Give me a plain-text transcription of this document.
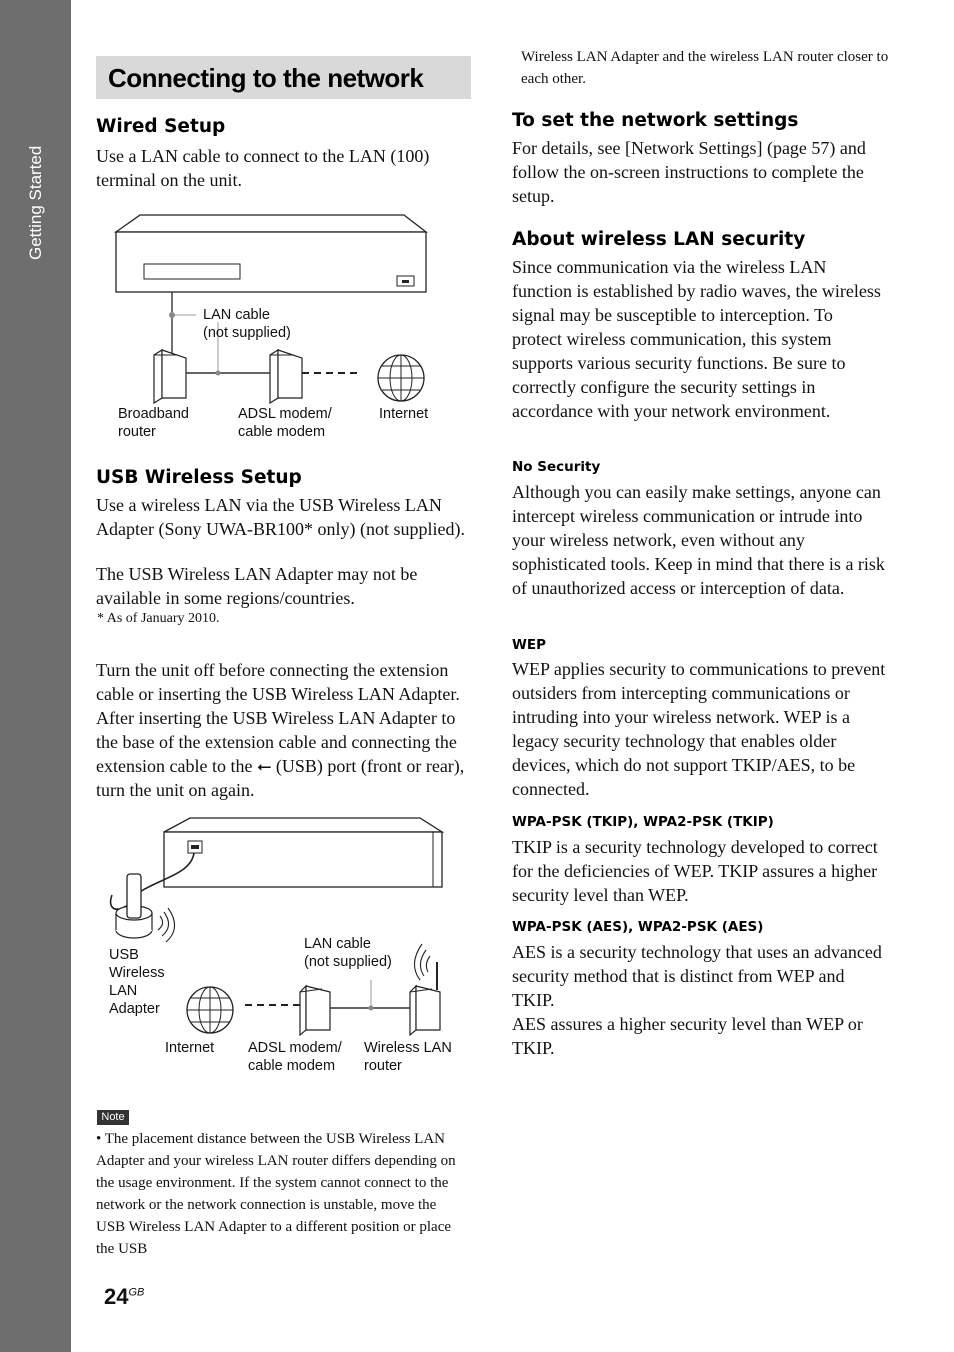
Getting Started
Connecting to the network
Wired Setup
Use a LAN cable to connect to the LAN (100) terminal on the unit.
LAN cable
(not supplied)
Broadband
router
ADSL modem/
cable modem
Internet
USB Wireless Setup
Use a wireless LAN via the USB Wireless LAN Adapter (Sony UWA-BR100* only) (not supplied).
The USB Wireless LAN Adapter may not be available in some regions/countries.
* As of January 2010.
Turn the unit off before connecting the extension cable or inserting the USB Wireless LAN Adapter. After inserting the USB Wireless LAN Adapter to the base of the extension cable and connecting the extension cable to the ⭠ (USB) port (front or rear), turn the unit on again.
USB
Wireless
LAN
Adapter
LAN cable
(not supplied)
Internet ADSL modem/
cable modem
Wireless LAN
router
Note
• The placement distance between the USB Wireless LAN Adapter and your wireless LAN router differs depending on the usage environment. If the system cannot connect to the network or the network connection is unstable, move the USB Wireless LAN Adapter to a different position or place the USB
$24^{GB}$
Wireless LAN Adapter and the wireless LAN router closer to each other.
To set the network settings
For details, see [Network Settings] (page 57) and follow the on-screen instructions to complete the setup.
About wireless LAN security
Since communication via the wireless LAN function is established by radio waves, the wireless signal may be susceptible to interception. To protect wireless communication, this system supports various security functions. Be sure to correctly configure the security settings in accordance with your network environment.
No Security
Although you can easily make settings, anyone can intercept wireless communication or intrude into your wireless network, even without any sophisticated tools. Keep in mind that there is a risk of unauthorized access or interception of data.
WEP
WEP applies security to communications to prevent outsiders from intercepting communications or intruding into your wireless network. WEP is a legacy security technology that enables older devices, which do not support TKIP/AES, to be connected.
WPA-PSK (TKIP), WPA2-PSK (TKIP)
TKIP is a security technology developed to correct for the deficiencies of WEP. TKIP assures a higher security level than WEP.
WPA-PSK (AES), WPA2-PSK (AES)
AES is a security technology that uses an advanced security method that is distinct from WEP and TKIP.
AES assures a higher security level than WEP or TKIP.
